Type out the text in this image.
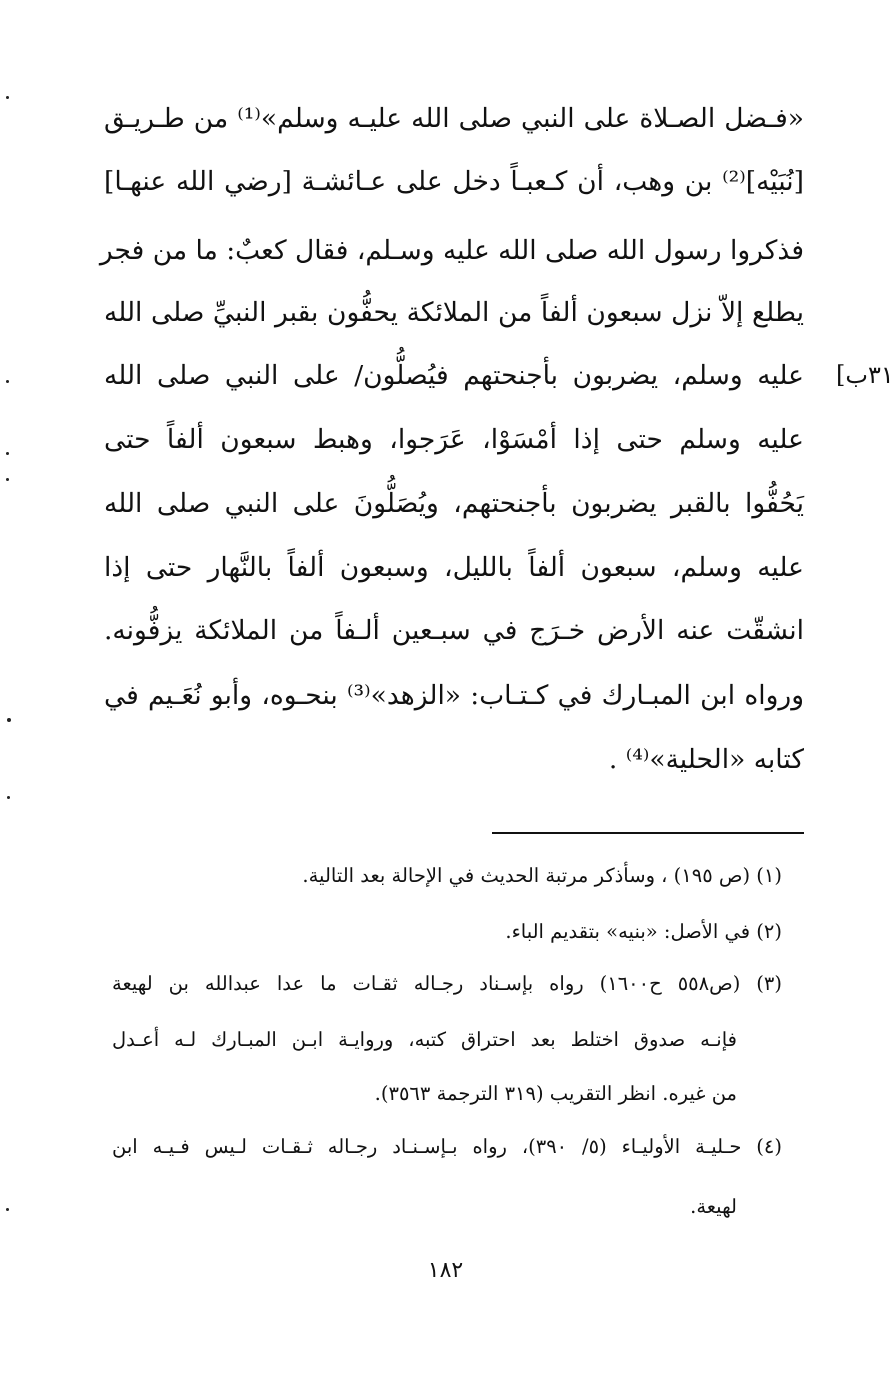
٣١ب]
«فـضل الصـلاة على النبي صلى الله عليـه وسلم»⁽¹⁾ من طـريـق
[نُبَيْه]⁽²⁾ بن وهب، أن كـعبـاً دخل على عـائشـة [رضي الله عنهـا]
فذكروا رسول الله صلى الله عليه وسـلم، فقال كعبٌ: ما من فجر
يطلع إلاّ نزل سبعون ألفاً من الملائكة يحفُّون بقبر النبيِّ صلى الله
عليه وسلم، يضربون بأجنحتهم فيُصلُّون/ على النبي صلى الله
عليه وسلم حتى إذا أمْسَوْا، عَرَجوا، وهبط سبعون ألفاً حتى
يَحُفُّوا بالقبر يضربون بأجنحتهم، ويُصَلُّونَ على النبي صلى الله
عليه وسلم، سبعون ألفاً بالليل، وسبعون ألفاً بالنَّهار حتى إذا
انشقّت عنه الأرض خـرَج في سبـعين ألـفاً من الملائكة يزفُّونه.
ورواه ابن المبـارك في كـتـاب: «الزهد»⁽³⁾ بنحـوه، وأبو نُعَـيم في
كتابه «الحلية»⁽⁴⁾ .
(١) (ص ١٩٥) ، وسأذكر مرتبة الحديث في الإحالة بعد التالية.
(٢) في الأصل: «بنيه» بتقديم الباء.
(٣) (ص٥٥٨ ح١٦٠٠) رواه بإسـناد رجـاله ثقـات ما عدا عبدالله بن لهيعة
فإنـه صدوق اختلط بعد احتراق كتبه، وروايـة ابـن المبـارك لـه أعـدل
من غيره. انظر التقريب (٣١٩ الترجمة ٣٥٦٣).
(٤) حـليـة الأوليـاء (٥/ ٣٩٠)، رواه بـإسـنـاد رجـاله ثـقـات لـيس فـيـه ابن
لهيعة.
١٨٢
